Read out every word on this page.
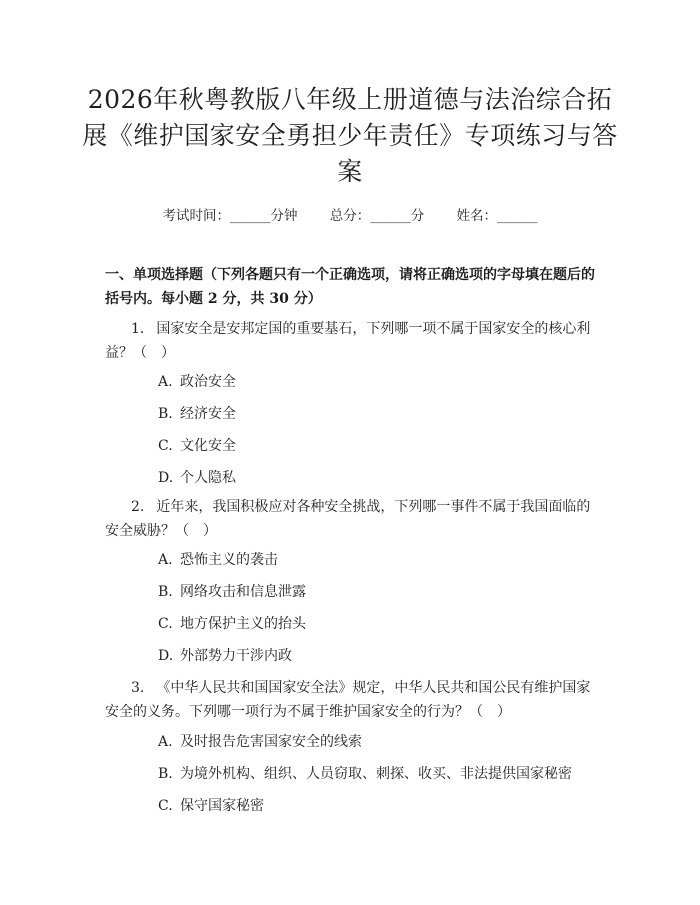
2026年秋粤教版八年级上册道德与法治综合拓展《维护国家安全勇担少年责任》专项练习与答案
考试时间：______分钟 总分：______分 姓名：______
一、单项选择题（下列各题只有一个正确选项，请将正确选项的字母填在题后的括号内。每小题 2 分，共 30 分）
1. 国家安全是安邦定国的重要基石，下列哪一项不属于国家安全的核心利益？（　）
A. 政治安全
B. 经济安全
C. 文化安全
D. 个人隐私
2. 近年来，我国积极应对各种安全挑战，下列哪一事件不属于我国面临的安全威胁？（　）
A. 恐怖主义的袭击
B. 网络攻击和信息泄露
C. 地方保护主义的抬头
D. 外部势力干涉内政
3. 《中华人民共和国国家安全法》规定，中华人民共和国公民有维护国家安全的义务。下列哪一项行为不属于维护国家安全的行为？（　）
A. 及时报告危害国家安全的线索
B. 为境外机构、组织、人员窃取、刺探、收买、非法提供国家秘密
C. 保守国家秘密
